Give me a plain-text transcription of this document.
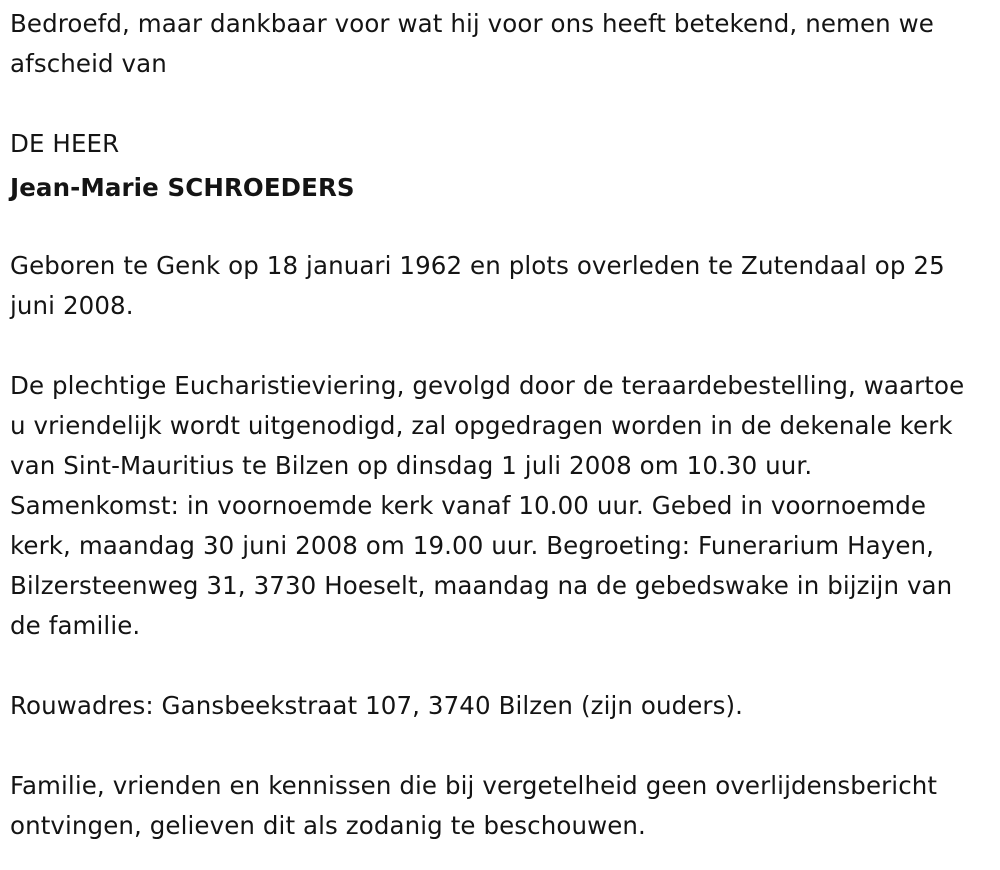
Bedroefd, maar dankbaar voor wat hij voor ons heeft betekend, nemen we afscheid van

DE HEER

Jean-Marie SCHROEDERS

Geboren te Genk op 18 januari 1962 en plots overleden te Zutendaal op 25 juni 2008.

De plechtige Eucharistieviering, gevolgd door de teraardebestelling, waartoe u vriendelijk wordt uitgenodigd, zal opgedragen worden in de dekenale kerk van Sint-Mauritius te Bilzen op dinsdag 1 juli 2008 om 10.30 uur. Samenkomst: in voornoemde kerk vanaf 10.00 uur. Gebed in voornoemde kerk, maandag 30 juni 2008 om 19.00 uur. Begroeting: Funerarium Hayen, Bilzersteenweg 31, 3730 Hoeselt, maandag na de gebedswake in bijzijn van de familie.

Rouwadres: Gansbeekstraat 107, 3740 Bilzen (zijn ouders).

Familie, vrienden en kennissen die bij vergetelheid geen overlijdensbericht ontvingen, gelieven dit als zodanig te beschouwen.
